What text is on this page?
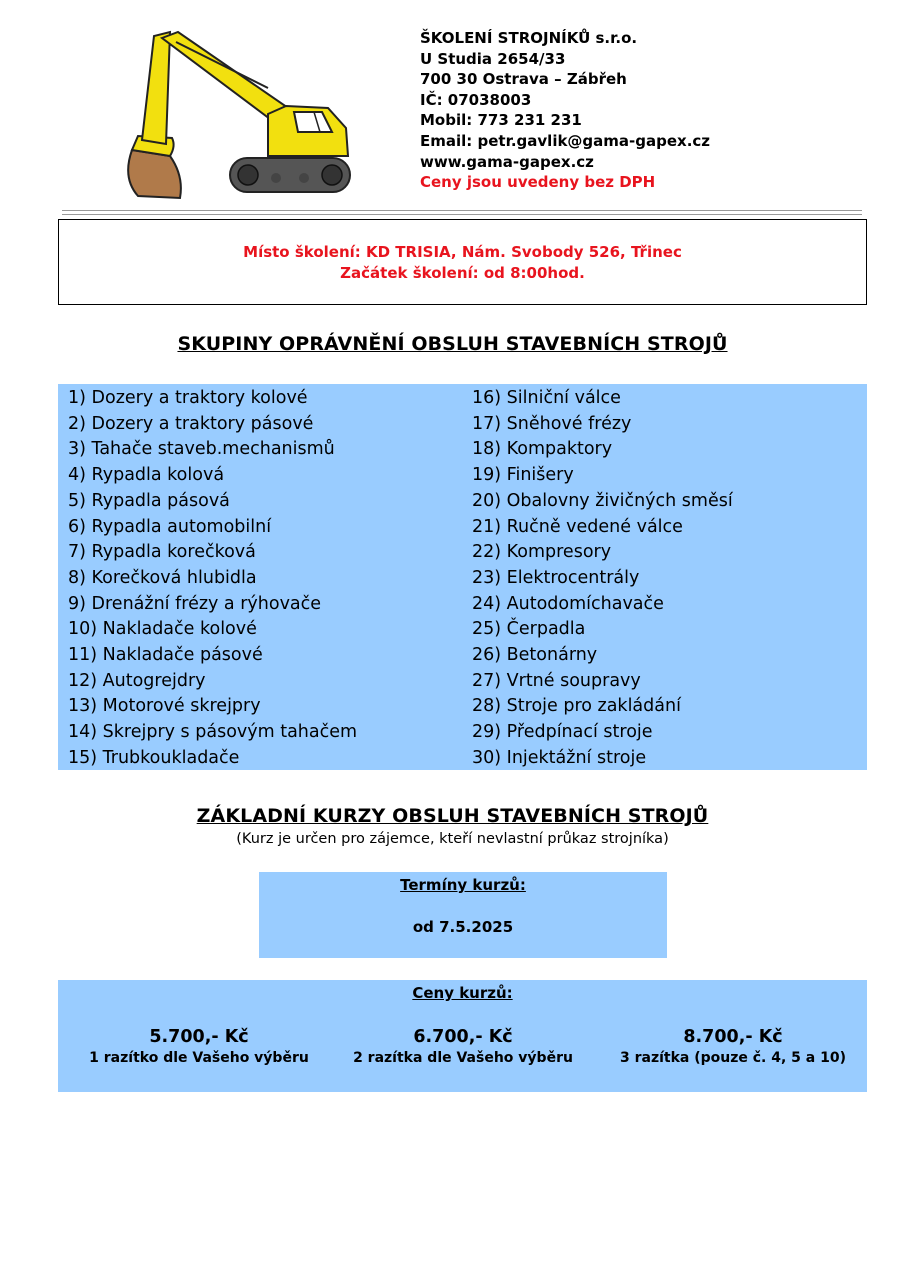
ŠKOLENÍ STROJNÍKŮ s.r.o.
U Studia 2654/33
700 30 Ostrava – Zábřeh
IČ: 07038003
Mobil: 773 231 231
Email: petr.gavlik@gama-gapex.cz
www.gama-gapex.cz
Ceny jsou uvedeny bez DPH
Místo školení: KD TRISIA, Nám. Svobody 526, Třinec
Začátek školení: od 8:00hod.
SKUPINY OPRÁVNĚNÍ OBSLUH STAVEBNÍCH STROJŮ
1) Dozery a traktory kolové
2) Dozery a traktory pásové
3) Tahače staveb.mechanismů
4) Rypadla kolová
5) Rypadla pásová
6) Rypadla automobilní
7) Rypadla korečková
8) Korečková hlubidla
9) Drenážní frézy a rýhovače
10) Nakladače kolové
11) Nakladače pásové
12) Autogrejdry
13) Motorové skrejpry
14) Skrejpry s pásovým tahačem
15) Trubkoukladače
16) Silniční válce
17) Sněhové frézy
18) Kompaktory
19) Finišery
20) Obalovny živičných směsí
21) Ručně vedené válce
22) Kompresory
23) Elektrocentrály
24) Autodomíchavače
25) Čerpadla
26) Betonárny
27) Vrtné soupravy
28) Stroje pro zakládání
29) Předpínací stroje
30) Injektážní stroje
ZÁKLADNÍ KURZY OBSLUH STAVEBNÍCH STROJŮ
(Kurz je určen pro zájemce, kteří nevlastní průkaz strojníka)
Termíny kurzů:
od 7.5.2025
Ceny kurzů:
5.700,- Kč
1 razítko dle Vašeho výběru
6.700,- Kč
2 razítka dle Vašeho výběru
8.700,- Kč
3 razítka (pouze č. 4, 5 a 10)
